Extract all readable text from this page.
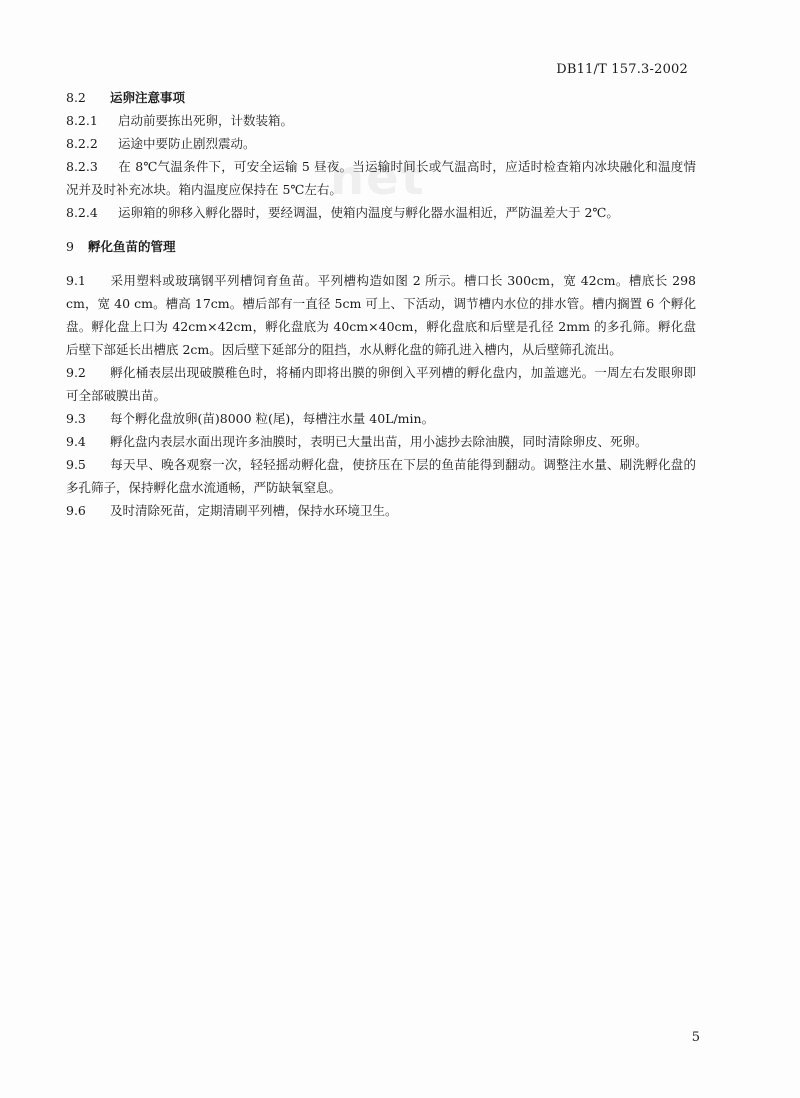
net
DB11/T 157.3-2002

8.2 运卵注意事项

8.2.1 启动前要拣出死卵，计数装箱。

8.2.2 运途中要防止剧烈震动。

8.2.3 在 8℃气温条件下，可安全运输 5 昼夜。当运输时间长或气温高时，应适时检查箱内冰块融化和温度情况并及时补充冰块。箱内温度应保持在 5℃左右。

8.2.4 运卵箱的卵移入孵化器时，要经调温，使箱内温度与孵化器水温相近，严防温差大于 2℃。

9 孵化鱼苗的管理

9.1 采用塑料或玻璃钢平列槽饲育鱼苗。平列槽构造如图 2 所示。槽口长 300cm，宽 42cm。槽底长 298 cm，宽 40 cm。槽高 17cm。槽后部有一直径 5cm 可上、下活动，调节槽内水位的排水管。槽内搁置 6 个孵化盘。孵化盘上口为 42cm×42cm，孵化盘底为 40cm×40cm，孵化盘底和后壁是孔径 2mm 的多孔筛。孵化盘后壁下部延长出槽底 2cm。因后壁下延部分的阻挡，水从孵化盘的筛孔进入槽内，从后壁筛孔流出。

9.2 孵化桶表层出现破膜稚色时，将桶内即将出膜的卵倒入平列槽的孵化盘内，加盖遮光。一周左右发眼卵即可全部破膜出苗。

9.3 每个孵化盘放卵(苗)8000 粒(尾)，每槽注水量 40L/min。

9.4 孵化盘内表层水面出现许多油膜时，表明已大量出苗，用小滤抄去除油膜，同时清除卵皮、死卵。

9.5 每天早、晚各观察一次，轻轻摇动孵化盘，使挤压在下层的鱼苗能得到翻动。调整注水量、刷洗孵化盘的多孔筛子，保持孵化盘水流通畅，严防缺氧窒息。

9.6 及时清除死苗，定期清刷平列槽，保持水环境卫生。

5
